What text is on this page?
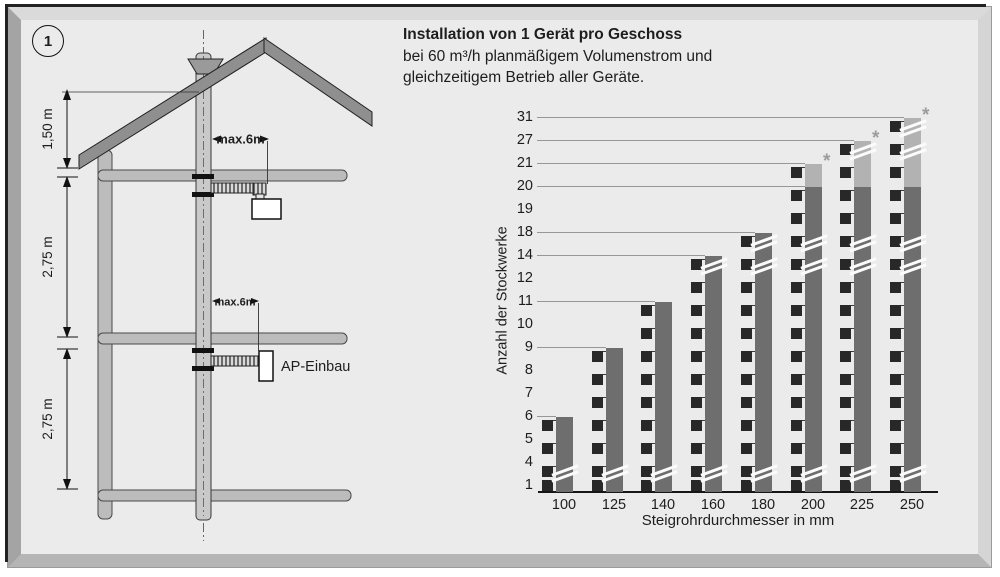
1	Installation von 1 Gerät pro Geschoss
bei 60 m³/h planmäßigem Volumenstrom und
gleichzeitigem Betrieb aller Geräte.
AP-Einbau
1,50 m
2,75 m
2,75 m
max.6m
max.6m	Anzahl der Stockwerke
Steigrohrdurchmesser in mm
1
4
5
6
7
8
9
10
11
12
14
18
19
20
21
27
31
100	125	140	160	180
*
200
*
225
*
250
